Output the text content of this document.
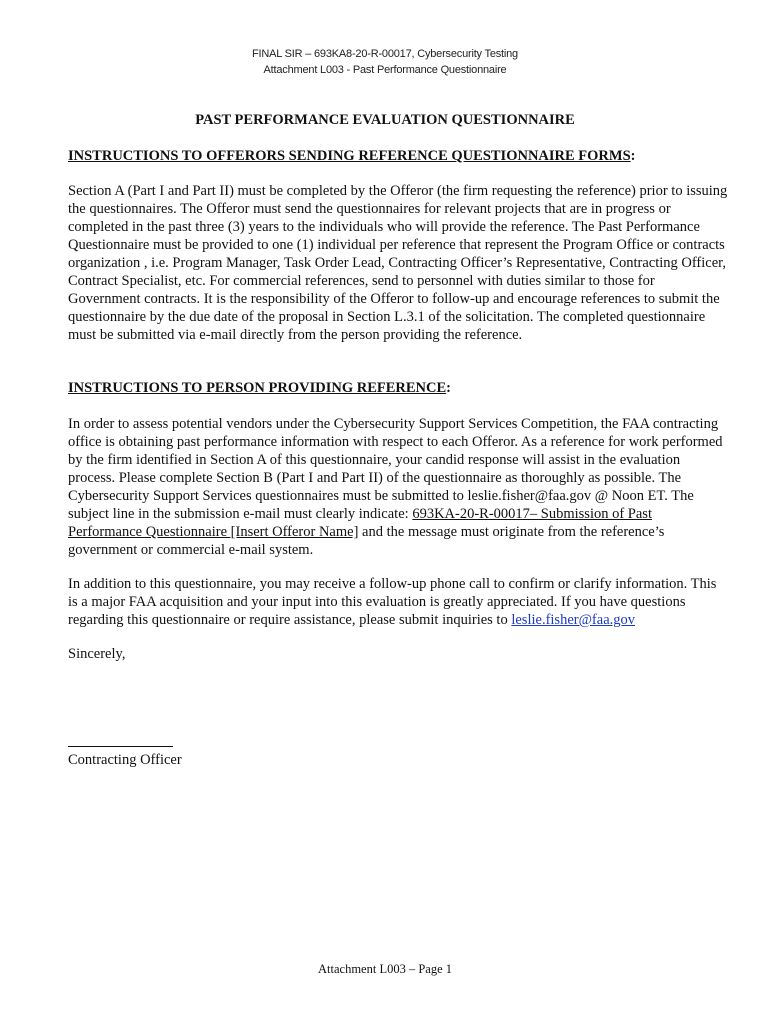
FINAL SIR – 693KA8-20-R-00017, Cybersecurity Testing
Attachment L003 - Past Performance Questionnaire
PAST PERFORMANCE EVALUATION QUESTIONNAIRE
INSTRUCTIONS TO OFFERORS SENDING REFERENCE QUESTIONNAIRE FORMS:

Section A (Part I and Part II) must be completed by the Offeror (the firm requesting the reference) prior to issuing the questionnaires. The Offeror must send the questionnaires for relevant projects that are in progress or completed in the past three (3) years to the individuals who will provide the reference. The Past Performance Questionnaire must be provided to one (1) individual per reference that represent the Program Office or contracts organization , i.e. Program Manager, Task Order Lead, Contracting Officer’s Representative, Contracting Officer, Contract Specialist, etc. For commercial references, send to personnel with duties similar to those for Government contracts. It is the responsibility of the Offeror to follow-up and encourage references to submit the questionnaire by the due date of the proposal in Section L.3.1 of the solicitation. The completed questionnaire must be submitted via e-mail directly from the person providing the reference.

INSTRUCTIONS TO PERSON PROVIDING REFERENCE:

In order to assess potential vendors under the Cybersecurity Support Services Competition, the FAA contracting office is obtaining past performance information with respect to each Offeror. As a reference for work performed by the firm identified in Section A of this questionnaire, your candid response will assist in the evaluation process. Please complete Section B (Part I and Part II) of the questionnaire as thoroughly as possible. The Cybersecurity Support Services questionnaires must be submitted to leslie.fisher@faa.gov @ Noon ET. The subject line in the submission e-mail must clearly indicate: 693KA-20-R-00017– Submission of Past Performance Questionnaire [Insert Offeror Name] and the message must originate from the reference’s government or commercial e-mail system.

In addition to this questionnaire, you may receive a follow-up phone call to confirm or clarify information. This is a major FAA acquisition and your input into this evaluation is greatly appreciated. If you have questions regarding this questionnaire or require assistance, please submit inquiries to leslie.fisher@faa.gov

Sincerely,

Contracting Officer

Attachment L003 – Page 1
